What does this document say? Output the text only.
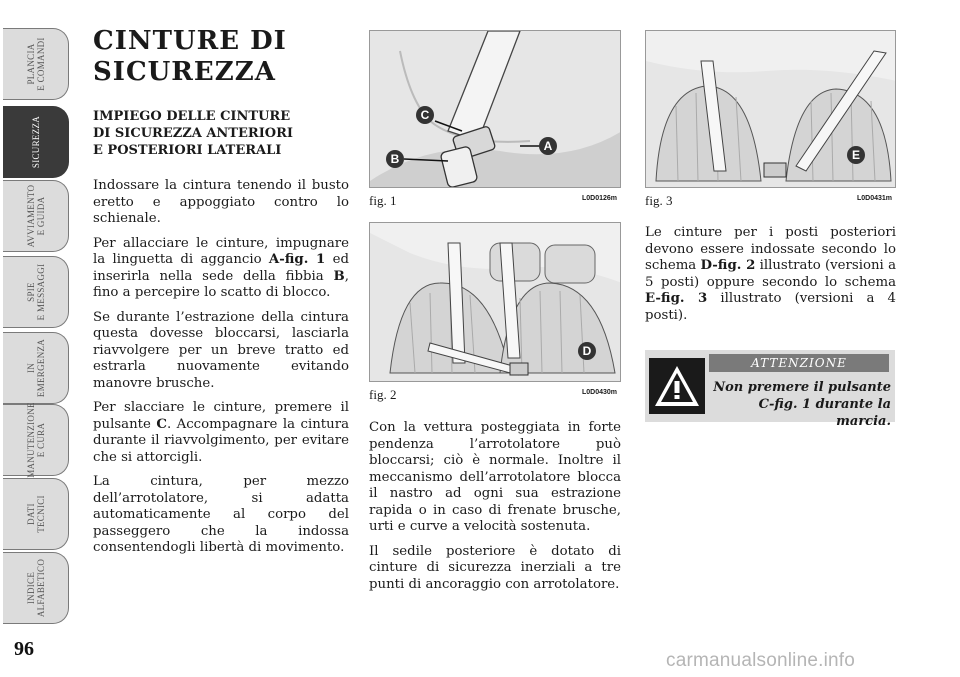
PLANCIA
E COMANDI
SICUREZZA
AVVIAMENTO
E GUIDA
SPIE
E MESSAGGI
IN
EMERGENZA
MANUTENZIONE
E CURA
DATI
TECNICI
INDICE
ALFABETICO
96
CINTURE DI
SICUREZZA
IMPIEGO DELLE CINTURE
DI SICUREZZA ANTERIORI
E POSTERIORI LATERALI

Indossare la cintura tenendo il busto eretto e appoggiato contro lo schienale.

Per allacciare le cinture, impugnare la linguetta di aggancio A-fig. 1 ed inserirla nella sede della fibbia B, fino a percepire lo scatto di blocco.

Se durante l’estrazione della cintura questa dovesse bloccarsi, lasciarla riavvolgere per un breve tratto ed estrarla nuovamente evitando manovre brusche.

Per slacciare le cinture, premere il pulsante C. Accompagnare la cintura durante il riavvolgimento, per evitare che si attorcigli.

La cintura, per mezzo dell’arrotolatore, si adatta automaticamente al corpo del passeggero che la indossa consentendogli libertà di movimento.

C
A
B
fig. 1	L0D0126m
D
fig. 2	L0D0430m

Con la vettura posteggiata in forte pendenza l’arrotolatore può bloccarsi; ciò è normale. Inoltre il meccanismo dell’arrotolatore blocca il nastro ad ogni sua estrazione rapida o in caso di frenate brusche, urti e curve a velocità sostenuta.

Il sedile posteriore è dotato di cinture di sicurezza inerziali a tre punti di ancoraggio con arrotolatore.

E
fig. 3	L0D0431m

Le cinture per i posti posteriori devono essere indossate secondo lo schema D-fig. 2 illustrato (versioni a 5 posti) oppure secondo lo schema E-fig. 3 illustrato (versioni a 4 posti).

ATTENZIONE
Non premere il pulsante C-fig. 1 durante la marcia.
carmanualsonline.info
